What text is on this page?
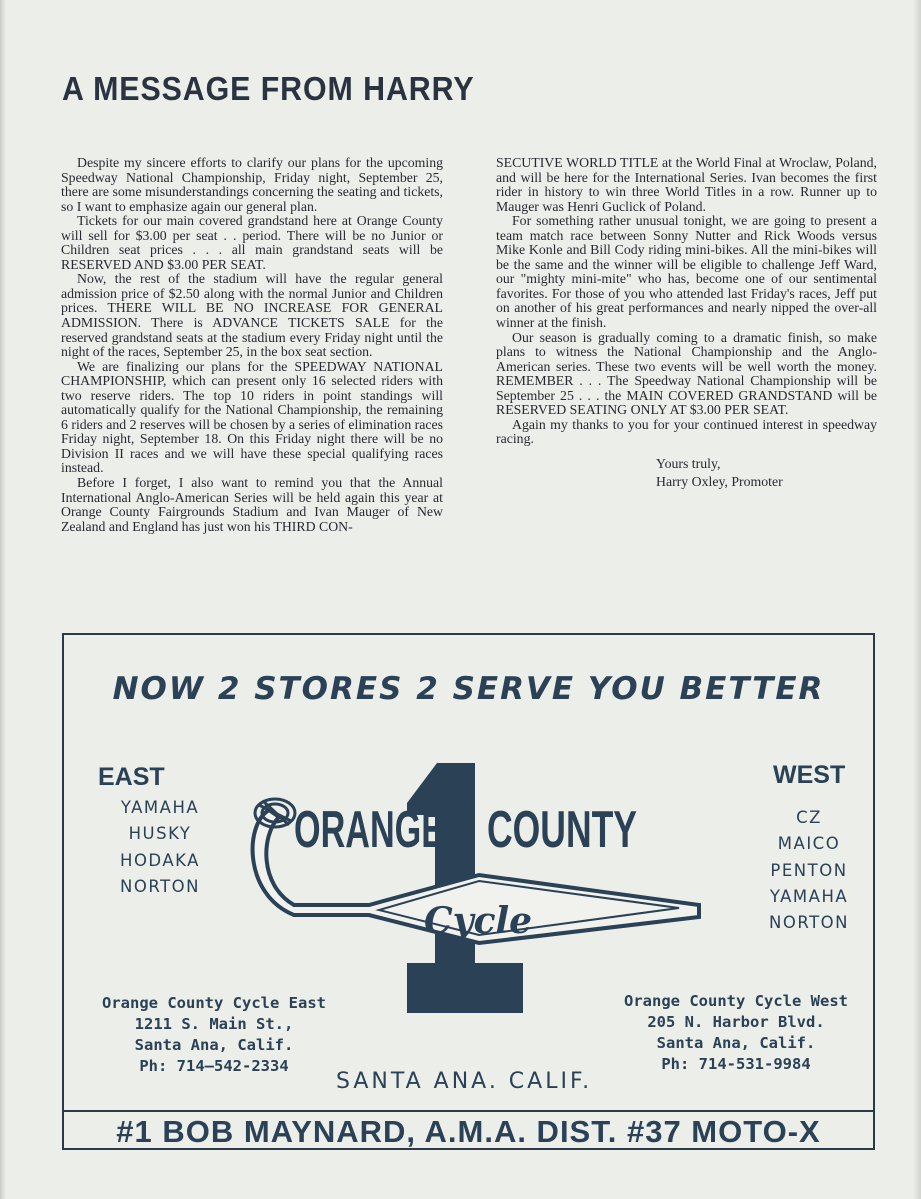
A MESSAGE FROM HARRY

Despite my sincere efforts to clarify our plans for the upcoming Speedway National Championship, Friday night, September 25, there are some misunderstandings concerning the seating and tickets, so I want to emphasize again our general plan.

Tickets for our main covered grandstand here at Orange County will sell for $3.00 per seat . . period. There will be no Junior or Children seat prices . . . all main grandstand seats will be RESERVED AND $3.00 PER SEAT.

Now, the rest of the stadium will have the regular general admission price of $2.50 along with the normal Junior and Children prices. THERE WILL BE NO INCREASE FOR GENERAL ADMISSION. There is ADVANCE TICKETS SALE for the reserved grandstand seats at the stadium every Friday night until the night of the races, September 25, in the box seat section.

We are finalizing our plans for the SPEEDWAY NATIONAL CHAMPIONSHIP, which can present only 16 selected riders with two reserve riders. The top 10 riders in point standings will automatically qualify for the National Championship, the remaining 6 riders and 2 reserves will be chosen by a series of elimination races Friday night, September 18. On this Friday night there will be no Division II races and we will have these special qualifying races instead.

Before I forget, I also want to remind you that the Annual International Anglo-American Series will be held again this year at Orange County Fairgrounds Stadium and Ivan Mauger of New Zealand and England has just won his THIRD CON-

SECUTIVE WORLD TITLE at the World Final at Wroclaw, Poland, and will be here for the International Series. Ivan becomes the first rider in history to win three World Titles in a row. Runner up to Mauger was Henri Guclick of Poland.

For something rather unusual tonight, we are going to present a team match race between Sonny Nutter and Rick Woods versus Mike Konle and Bill Cody riding mini-bikes. All the mini-bikes will be the same and the winner will be eligible to challenge Jeff Ward, our "mighty mini-mite" who has, become one of our sentimental favorites. For those of you who attended last Friday's races, Jeff put on another of his great performances and nearly nipped the over-all winner at the finish.

Our season is gradually coming to a dramatic finish, so make plans to witness the National Championship and the Anglo-American series. These two events will be well worth the money. REMEMBER . . . The Speedway National Championship will be September 25 . . . the MAIN COVERED GRANDSTAND will be RESERVED SEATING ONLY AT $3.00 PER SEAT.

Again my thanks to you for your continued interest in speedway racing.

Yours truly,
Harry Oxley, Promoter
NOW 2 STORES 2 SERVE YOU BETTER
EAST
YAMAHA
HUSKY
HODAKA
NORTON
WEST
CZ
MAICO
PENTON
YAMAHA
NORTON
ORANGE COUNTY
Cycle
Orange County Cycle East
1211 S. Main St.,
Santa Ana, Calif.
Ph: 714—542-2334
Orange County Cycle West
205 N. Harbor Blvd.
Santa Ana, Calif.
Ph: 714-531-9984
SANTA ANA. CALIF.
#1 BOB MAYNARD, A.M.A. DIST. #37 MOTO-X
